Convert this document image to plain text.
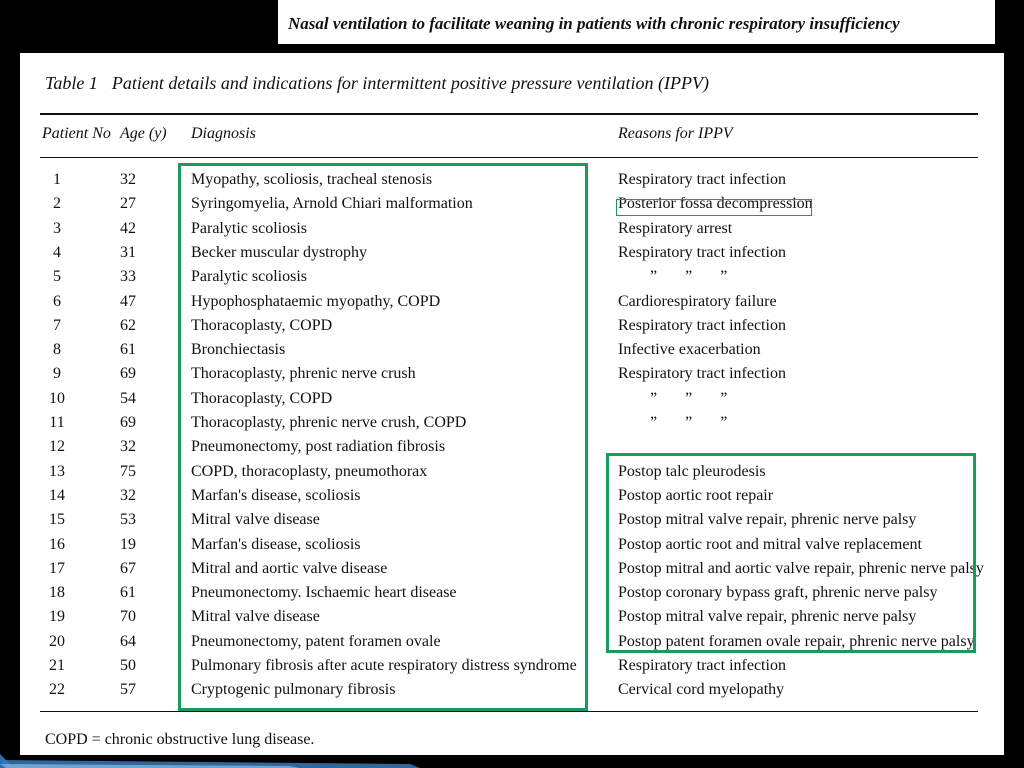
Nasal ventilation to facilitate weaning in patients with chronic respiratory insufficiency
Table 1 Patient details and indications for intermittent positive pressure ventilation (IPPV)
Patient No Age (y) Diagnosis	Reasons for IPPV
1	32	Myopathy, scoliosis, tracheal stenosis	Respiratory tract infection
2	27	Syringomyelia, Arnold Chiari malformation	Posterior fossa decompression
3	42	Paralytic scoliosis	Respiratory arrest
4	31	Becker muscular dystrophy	Respiratory tract infection
5	33	Paralytic scoliosis	”       ”       ”
6	47	Hypophosphataemic myopathy, COPD	Cardiorespiratory failure
7	62	Thoracoplasty, COPD	Respiratory tract infection
8	61	Bronchiectasis	Infective exacerbation
9	69	Thoracoplasty, phrenic nerve crush	Respiratory tract infection
10	54	Thoracoplasty, COPD	”       ”       ”
11	69	Thoracoplasty, phrenic nerve crush, COPD	”       ”       ”
12	32	Pneumonectomy, post radiation fibrosis
13	75	COPD, thoracoplasty, pneumothorax	Postop talc pleurodesis
14	32	Marfan's disease, scoliosis	Postop aortic root repair
15	53	Mitral valve disease	Postop mitral valve repair, phrenic nerve palsy
16	19	Marfan's disease, scoliosis	Postop aortic root and mitral valve replacement
17	67	Mitral and aortic valve disease	Postop mitral and aortic valve repair, phrenic nerve palsy
18	61	Pneumonectomy. Ischaemic heart disease	Postop coronary bypass graft, phrenic nerve palsy
19	70	Mitral valve disease	Postop mitral valve repair, phrenic nerve palsy
20	64	Pneumonectomy, patent foramen ovale	Postop patent foramen ovale repair, phrenic nerve palsy
21	50	Pulmonary fibrosis after acute respiratory distress syndrome	Respiratory tract infection
22	57	Cryptogenic pulmonary fibrosis	Cervical cord myelopathy
COPD = chronic obstructive lung disease.
